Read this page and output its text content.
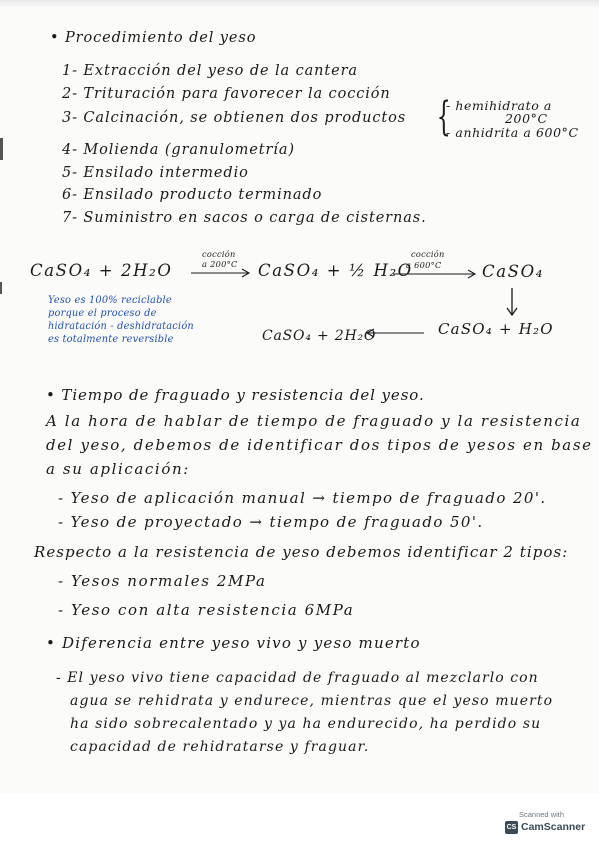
• Procedimiento del yeso
1- Extracción del yeso de la cantera
2- Trituración para favorecer la cocción
3- Calcinación, se obtienen dos productos
4- Molienda (granulometría)
5- Ensilado intermedio
6- Ensilado producto terminado
7- Suministro en sacos o carga de cisternas.
{
- hemihidrato a
200°C
- anhidrita a 600°C
CaSO₄ + 2H₂O
cocción
a 200°C CaSO₄ + ½ H₂O
cocción
a 600°C CaSO₄
CaSO₄ + H₂O
CaSO₄ + 2H₂O
Yeso es 100% reciclable
porque el proceso de
hidratación - deshidratación
es totalmente reversible
• Tiempo de fraguado y resistencia del yeso.
A la hora de hablar de tiempo de fraguado y la resistencia
del yeso, debemos de identificar dos tipos de yesos en base
a su aplicación:
- Yeso de aplicación manual → tiempo de fraguado 20'.
- Yeso de proyectado → tiempo de fraguado 50'.
Respecto a la resistencia de yeso debemos identificar 2 tipos:
- Yesos normales 2MPa
- Yeso con alta resistencia 6MPa
• Diferencia entre yeso vivo y yeso muerto
- El yeso vivo tiene capacidad de fraguado al mezclarlo con
agua se rehidrata y endurece, mientras que el yeso muerto
ha sido sobrecalentado y ya ha endurecido, ha perdido su
capacidad de rehidratarse y fraguar.
Scanned with
CS CamScanner
